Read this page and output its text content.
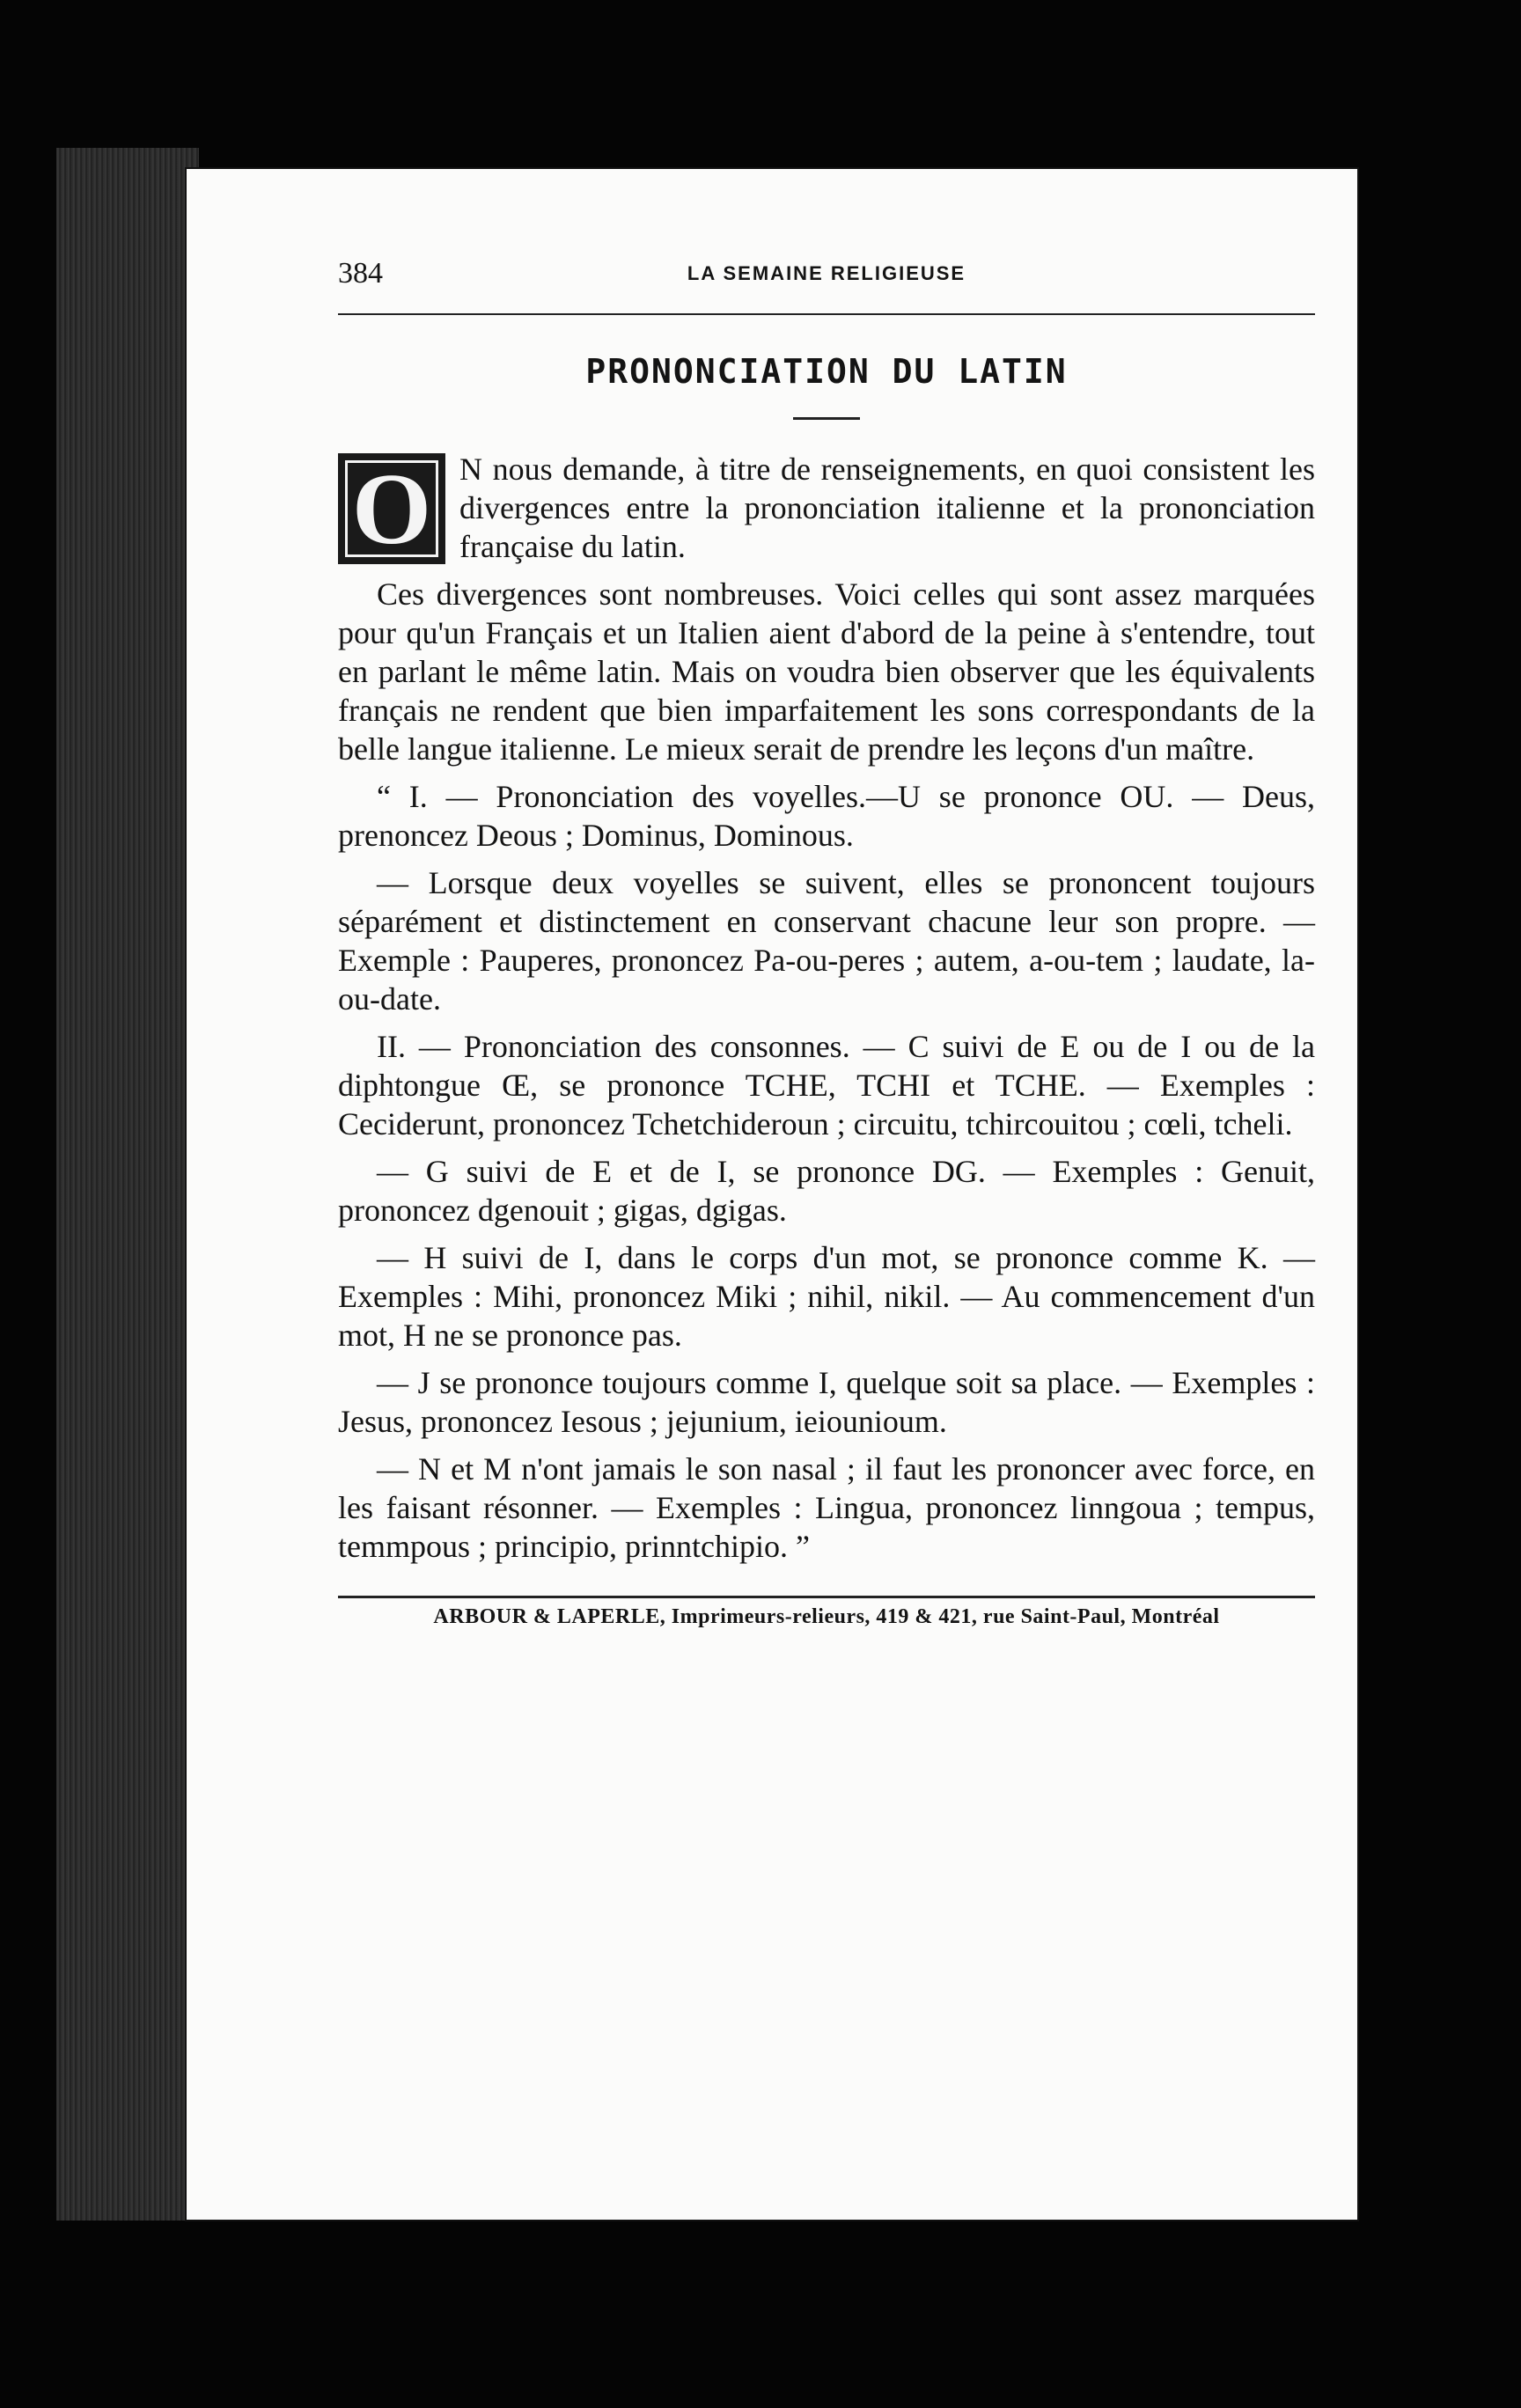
384	LA SEMAINE RELIGIEUSE
PRONONCIATION DU LATIN

O N nous demande, à titre de renseignements, en quoi consistent les divergences entre la prononciation italienne et la prononciation française du latin.

Ces divergences sont nombreuses. Voici celles qui sont assez marquées pour qu'un Français et un Italien aient d'abord de la peine à s'entendre, tout en parlant le même latin. Mais on voudra bien observer que les équivalents français ne rendent que bien imparfaitement les sons correspondants de la belle langue italienne. Le mieux serait de prendre les leçons d'un maître.

“ I. — Prononciation des voyelles.—U se prononce OU. — Deus, prenoncez Deous ; Dominus, Dominous.

— Lorsque deux voyelles se suivent, elles se prononcent toujours séparément et distinctement en conservant chacune leur son propre. — Exemple : Pauperes, prononcez Pa-ou-peres ; autem, a-ou-tem ; laudate, la-ou-date.

II. — Prononciation des consonnes. — C suivi de E ou de I ou de la diphtongue Œ, se prononce TCHE, TCHI et TCHE. — Exemples : Ceciderunt, prononcez Tchetchideroun ; circuitu, tchircouitou ; cœli, tcheli.

— G suivi de E et de I, se prononce DG. — Exemples : Genuit, prononcez dgenouit ; gigas, dgigas.

— H suivi de I, dans le corps d'un mot, se prononce comme K. — Exemples : Mihi, prononcez Miki ; nihil, nikil. — Au commencement d'un mot, H ne se prononce pas.

— J se prononce toujours comme I, quelque soit sa place. — Exemples : Jesus, prononcez Iesous ; jejunium, ieiounioum.

— N et M n'ont jamais le son nasal ; il faut les prononcer avec force, en les faisant résonner. — Exemples : Lingua, prononcez linngoua ; tempus, temmpous ; principio, prinntchipio. ”

ARBOUR & LAPERLE, Imprimeurs-relieurs, 419 & 421, rue Saint-Paul, Montréal
